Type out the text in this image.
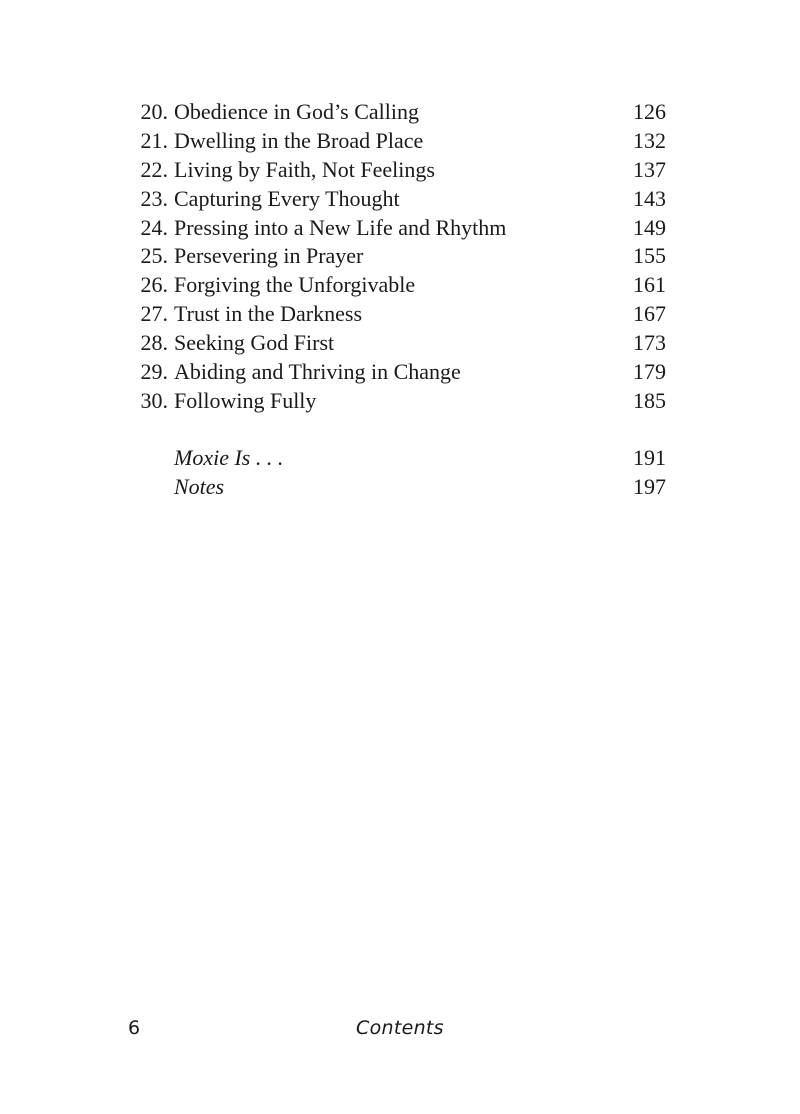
20. Obedience in God’s Calling	126
21. Dwelling in the Broad Place	132
22. Living by Faith, Not Feelings	137
23. Capturing Every Thought	143
24. Pressing into a New Life and Rhythm	149
25. Persevering in Prayer	155
26. Forgiving the Unforgivable	161
27. Trust in the Darkness	167
28. Seeking God First	173
29. Abiding and Thriving in Change	179
30. Following Fully	185
Moxie Is . . .	191
Notes	197
6	Contents
